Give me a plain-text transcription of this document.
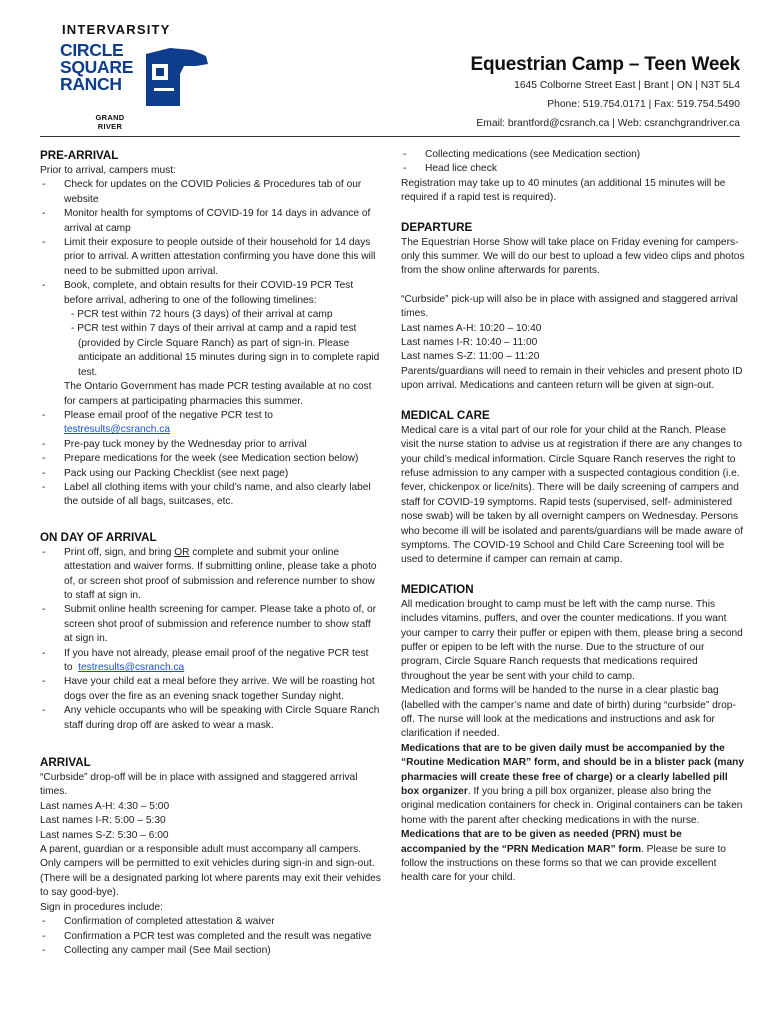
INTERVARSITY
CIRCLE
SQUARE
RANCH
GRAND
RIVER
Equestrian Camp – Teen Week
1645 Colborne Street East | Brant | ON | N3T 5L4
Phone: 519.754.0171 | Fax: 519.754.5490
Email: brantford@csranch.ca | Web: csranchgrandriver.ca
PRE-ARRIVAL
Prior to arrival, campers must:
- Check for updates on the COVID Policies & Procedures tab of our website
- Monitor health for symptoms of COVID-19 for 14 days in advance of arrival at camp
- Limit their exposure to people outside of their household for 14 days prior to arrival. A written attestation confirming you have done this will need to be submitted upon arrival.
- Book, complete, and obtain results for their COVID-19 PCR Test before arrival, adhering to one of the following timelines:
- PCR test within 72 hours (3 days) of their arrival at camp
- PCR test within 7 days of their arrival at camp and a rapid test (provided by Circle Square Ranch) as part of sign-in. Please anticipate an additional 15 minutes during sign in to complete rapid test.
The Ontario Government has made PCR testing available at no cost for campers at participating pharmacies this summer.
- Please email proof of the negative PCR test to
testresults@csranch.ca
- Pre-pay tuck money by the Wednesday prior to arrival
- Prepare medications for the week (see Medication section below)
- Pack using our Packing Checklist (see next page)
- Label all clothing items with your child’s name, and also clearly label the outside of all bags, suitcases, etc.
ON DAY OF ARRIVAL
- Print off, sign, and bring OR complete and submit your online attestation and waiver forms. If submitting online, please take a photo of, or screen shot proof of submission and reference number to show to staff at sign in.
- Submit online health screening for camper. Please take a photo of, or screen shot proof of submission and reference number to show staff at sign in.
- If you have not already, please email proof of the negative PCR test to testresults@csranch.ca
- Have your child eat a meal before they arrive. We will be roasting hot dogs over the fire as an evening snack together Sunday night.
- Any vehicle occupants who will be speaking with Circle Square Ranch staff during drop off are asked to wear a mask.
ARRIVAL
“Curbside” drop-off will be in place with assigned and staggered arrival times.
Last names A-H: 4:30 – 5:00
Last names I-R: 5:00 – 5:30
Last names S-Z: 5:30 – 6:00
A parent, guardian or a responsible adult must accompany all campers. Only campers will be permitted to exit vehicles during sign-in and sign-out. (There will be a designated parking lot where parents may exit their vehides to say good-bye).
Sign in procedures include:
- Confirmation of completed attestation & waiver
- Confirmation a PCR test was completed and the result was negative
- Collecting any camper mail (See Mail section)
- Collecting medications (see Medication section)
- Head lice check
Registration may take up to 40 minutes (an additional 15 minutes will be required if a rapid test is required).
DEPARTURE
The Equestrian Horse Show will take place on Friday evening for campers-only this summer. We will do our best to upload a few video clips and photos from the show online afterwards for parents.
“Curbside” pick-up will also be in place with assigned and staggered arrival times.
Last names A-H: 10:20 – 10:40
Last names I-R: 10:40 – 11:00
Last names S-Z: 11:00 – 11:20
Parents/guardians will need to remain in their vehicles and present photo ID upon arrival. Medications and canteen return will be given at sign-out.
MEDICAL CARE
Medical care is a vital part of our role for your child at the Ranch. Please visit the nurse station to advise us at registration if there are any changes to your child’s medical information. Circle Square Ranch reserves the right to refuse admission to any camper with a suspected contagious condition (i.e. fever, chickenpox or lice/nits). There will be daily screening of campers and staff for COVID-19 symptoms. Rapid tests (supervised, self- administered nose swab) will be taken by all overnight campers on Wednesday. Persons who become ill will be isolated and parents/guardians will be made aware of symptoms. The COVID-19 School and Child Care Screening tool will be used to determine if camper can remain at camp.
MEDICATION
All medication brought to camp must be left with the camp nurse. This includes vitamins, puffers, and over the counter medications. If you want your camper to carry their puffer or epipen with them, please bring a second puffer or epipen to be left with the nurse. Due to the structure of our program, Circle Square Ranch requests that medications required throughout the year be sent with your child to camp.
Medication and forms will be handed to the nurse in a clear plastic bag (labelled with the camper’s name and date of birth) during “curbside” drop-off. The nurse will look at the medications and instructions and ask for clarification if needed.
Medications that are to be given daily must be accompanied by the “Routine Medication MAR” form, and should be in a blister pack (many pharmacies will create these free of charge) or a clearly labelled pill box organizer. If you bring a pill box organizer, please also bring the original medication containers for check in. Original containers can be taken home with the parent after checking medications in with the nurse.
Medications that are to be given as needed (PRN) must be accompanied by the “PRN Medication MAR” form. Please be sure to follow the instructions on these forms so that we can provide excellent health care for your child.
